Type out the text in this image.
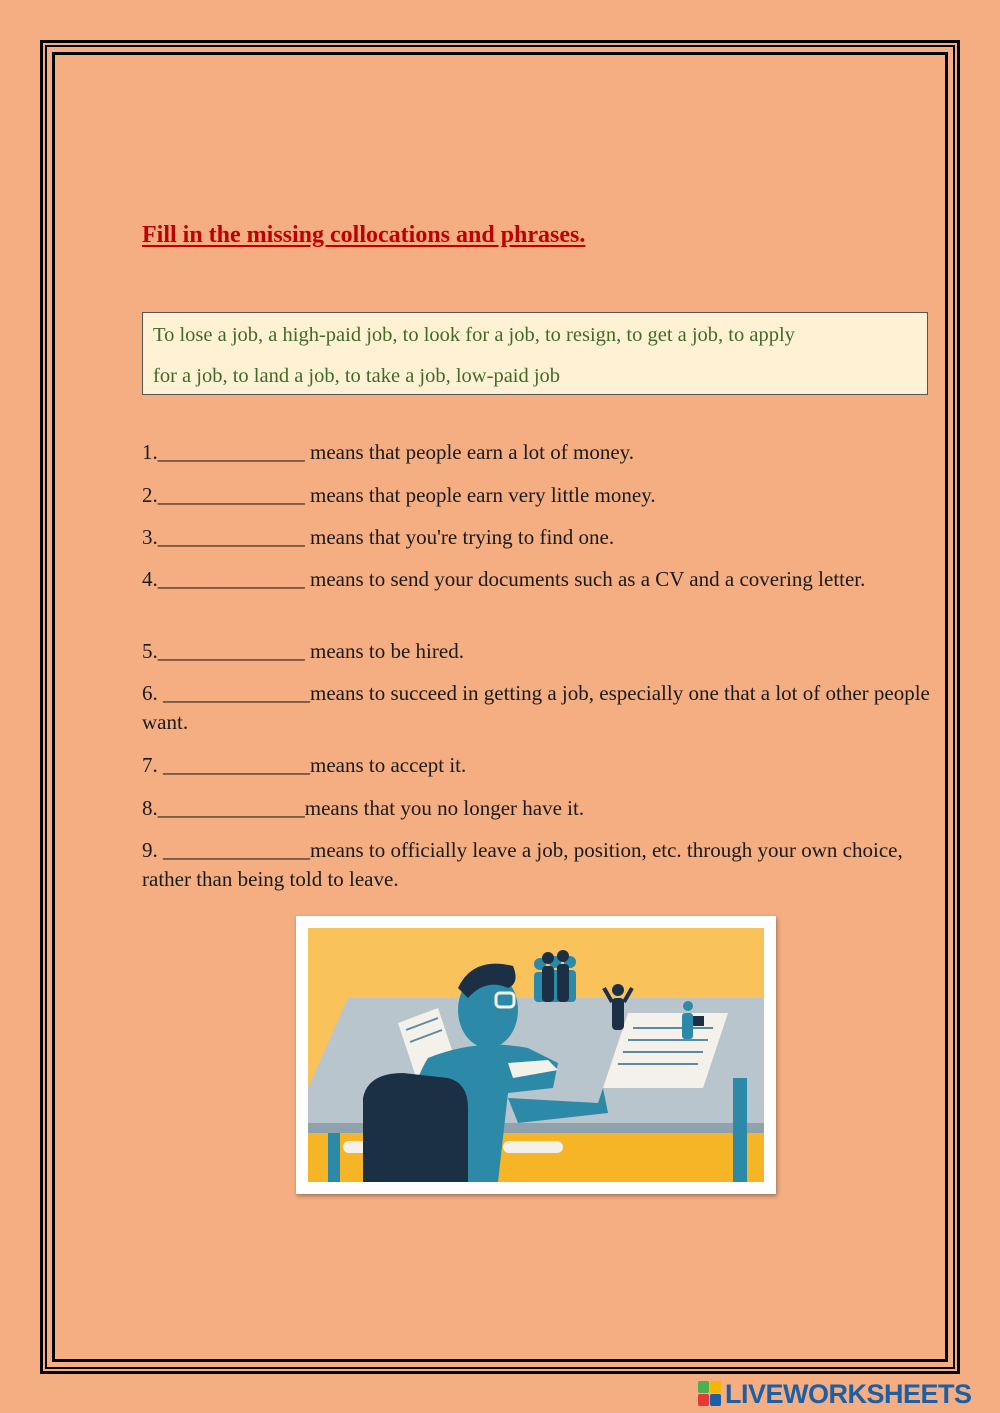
Fill in the missing collocations and phrases.
To lose a job, a high-paid job, to look for a job, to resign, to get a job, to apply
for a job, to land a job, to take a job, low-paid job

1.______________ means that people earn a lot of money.

2.______________ means that people earn very little money.

3.______________ means that you're trying to find one.

4.______________ means to send your documents such as a CV and a covering letter.

5.______________ means to be hired.

6. ______________means to succeed in getting a job, especially one that a lot of other people want.

7. ______________means to accept it.

8.______________means that you no longer have it.

9. ______________means to officially leave a job, position, etc. through your own choice, rather than being told to leave.

LIVEWORKSHEETS
